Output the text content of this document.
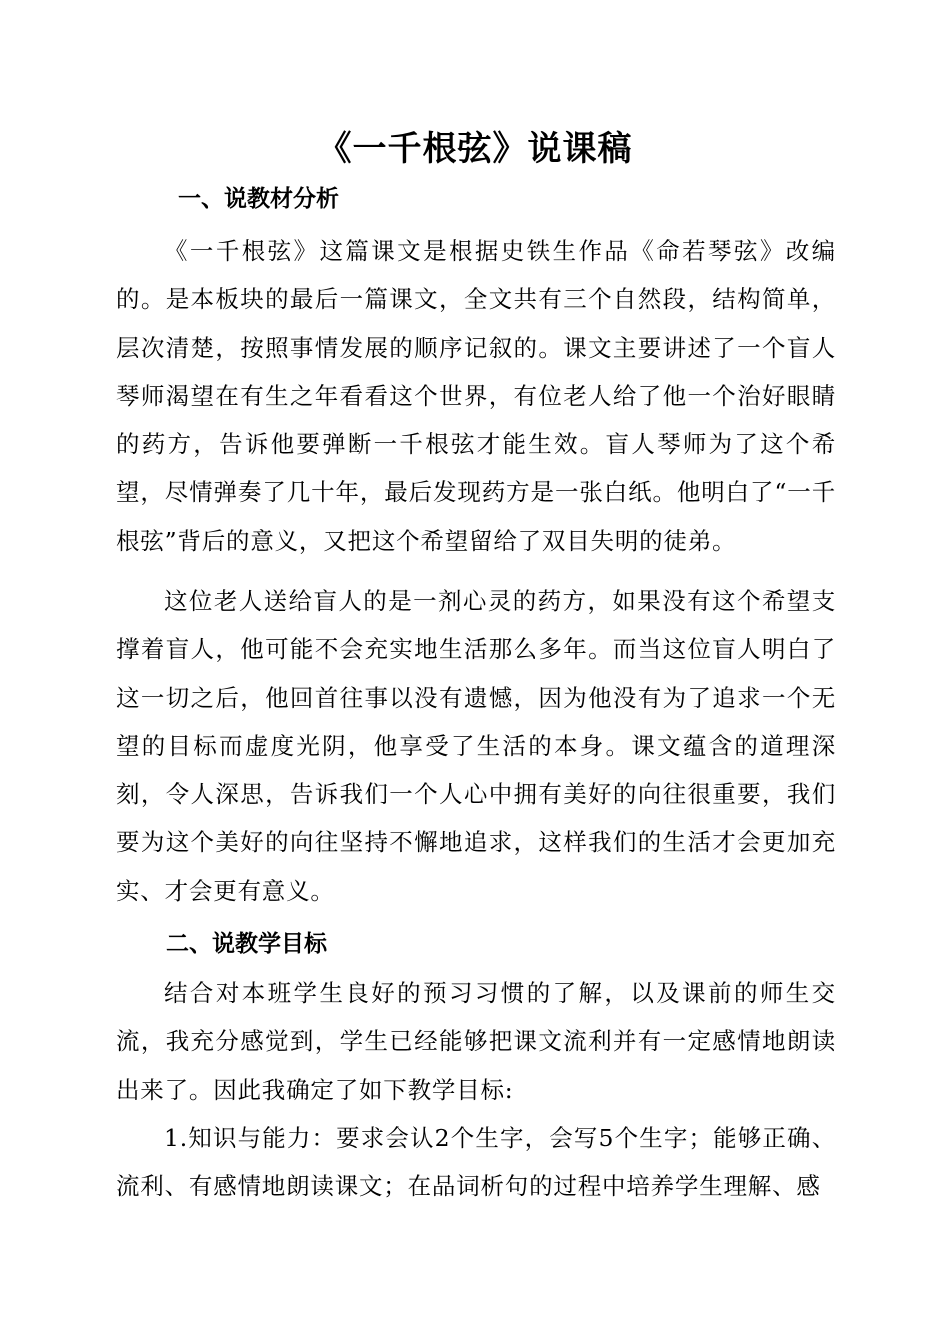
《一千根弦》说课稿
一、说教材分析
《一千根弦》这篇课文是根据史铁生作品《命若琴弦》改编的。是本板块的最后一篇课文，全文共有三个自然段，结构简单，层次清楚，按照事情发展的顺序记叙的。课文主要讲述了一个盲人琴师渴望在有生之年看看这个世界，有位老人给了他一个治好眼睛的药方，告诉他要弹断一千根弦才能生效。盲人琴师为了这个希望，尽情弹奏了几十年，最后发现药方是一张白纸。他明白了“一千根弦”背后的意义，又把这个希望留给了双目失明的徒弟。
这位老人送给盲人的是一剂心灵的药方，如果没有这个希望支撑着盲人，他可能不会充实地生活那么多年。而当这位盲人明白了这一切之后，他回首往事以没有遗憾，因为他没有为了追求一个无望的目标而虚度光阴，他享受了生活的本身。课文蕴含的道理深刻，令人深思，告诉我们一个人心中拥有美好的向往很重要，我们要为这个美好的向往坚持不懈地追求，这样我们的生活才会更加充实、才会更有意义。
二、说教学目标
结合对本班学生良好的预习习惯的了解，以及课前的师生交流，我充分感觉到，学生已经能够把课文流利并有一定感情地朗读出来了。因此我确定了如下教学目标:
1.知识与能力：要求会认2个生字，会写5个生字；能够正确、流利、有感情地朗读课文；在品词析句的过程中培养学生理解、感
